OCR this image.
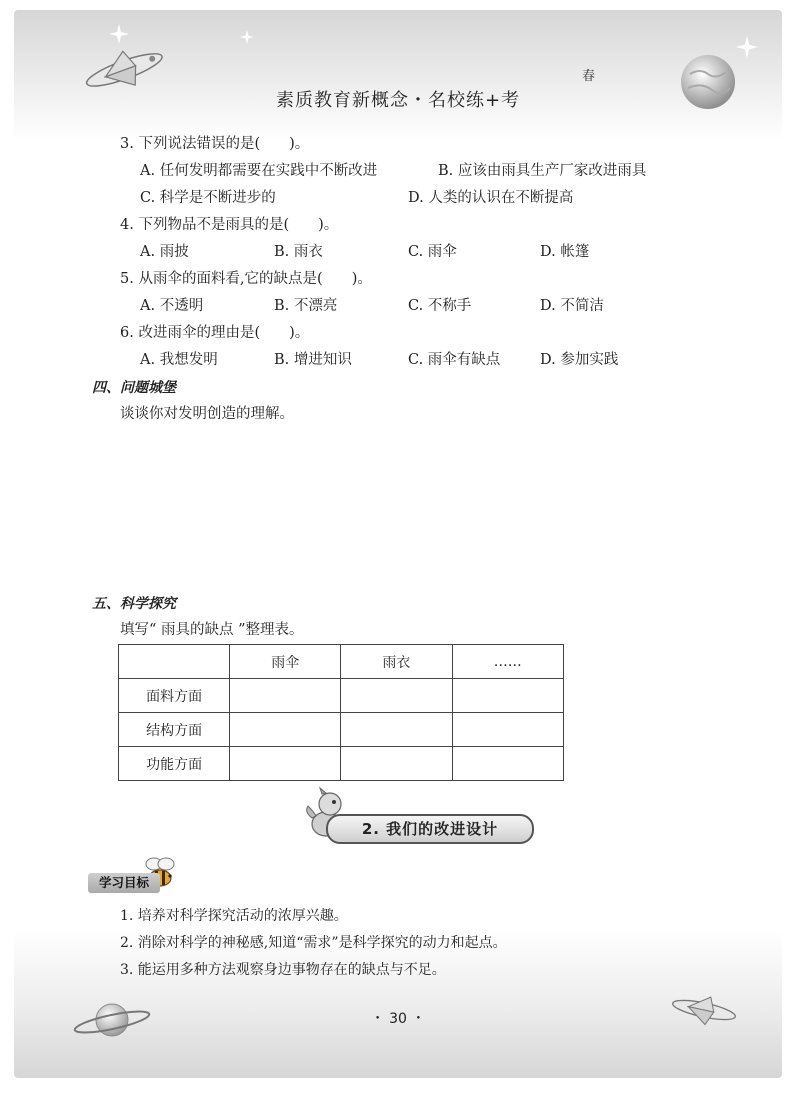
春
素质教育新概念・名校练+考
3. 下列说法错误的是(　　)。
A. 任何发明都需要在实践中不断改进	B. 应该由雨具生产厂家改进雨具
C. 科学是不断进步的	D. 人类的认识在不断提高
4. 下列物品不是雨具的是(　　)。
A. 雨披	B. 雨衣	C. 雨伞	D. 帐篷
5. 从雨伞的面料看,它的缺点是(　　)。
A. 不透明	B. 不漂亮	C. 不称手	D. 不简洁
6. 改进雨伞的理由是(　　)。
A. 我想发明	B. 增进知识	C. 雨伞有缺点	D. 参加实践
四、问题城堡
谈谈你对发明创造的理解。
五、科学探究
填写“ 雨具的缺点 ”整理表。
	雨伞	雨衣	……
面料方面			
结构方面			
功能方面			
2. 我们的改进设计
学习目标
1. 培养对科学探究活动的浓厚兴趣。
2. 消除对科学的神秘感,知道“需求”是科学探究的动力和起点。
3. 能运用多种方法观察身边事物存在的缺点与不足。
・ 30 ・
